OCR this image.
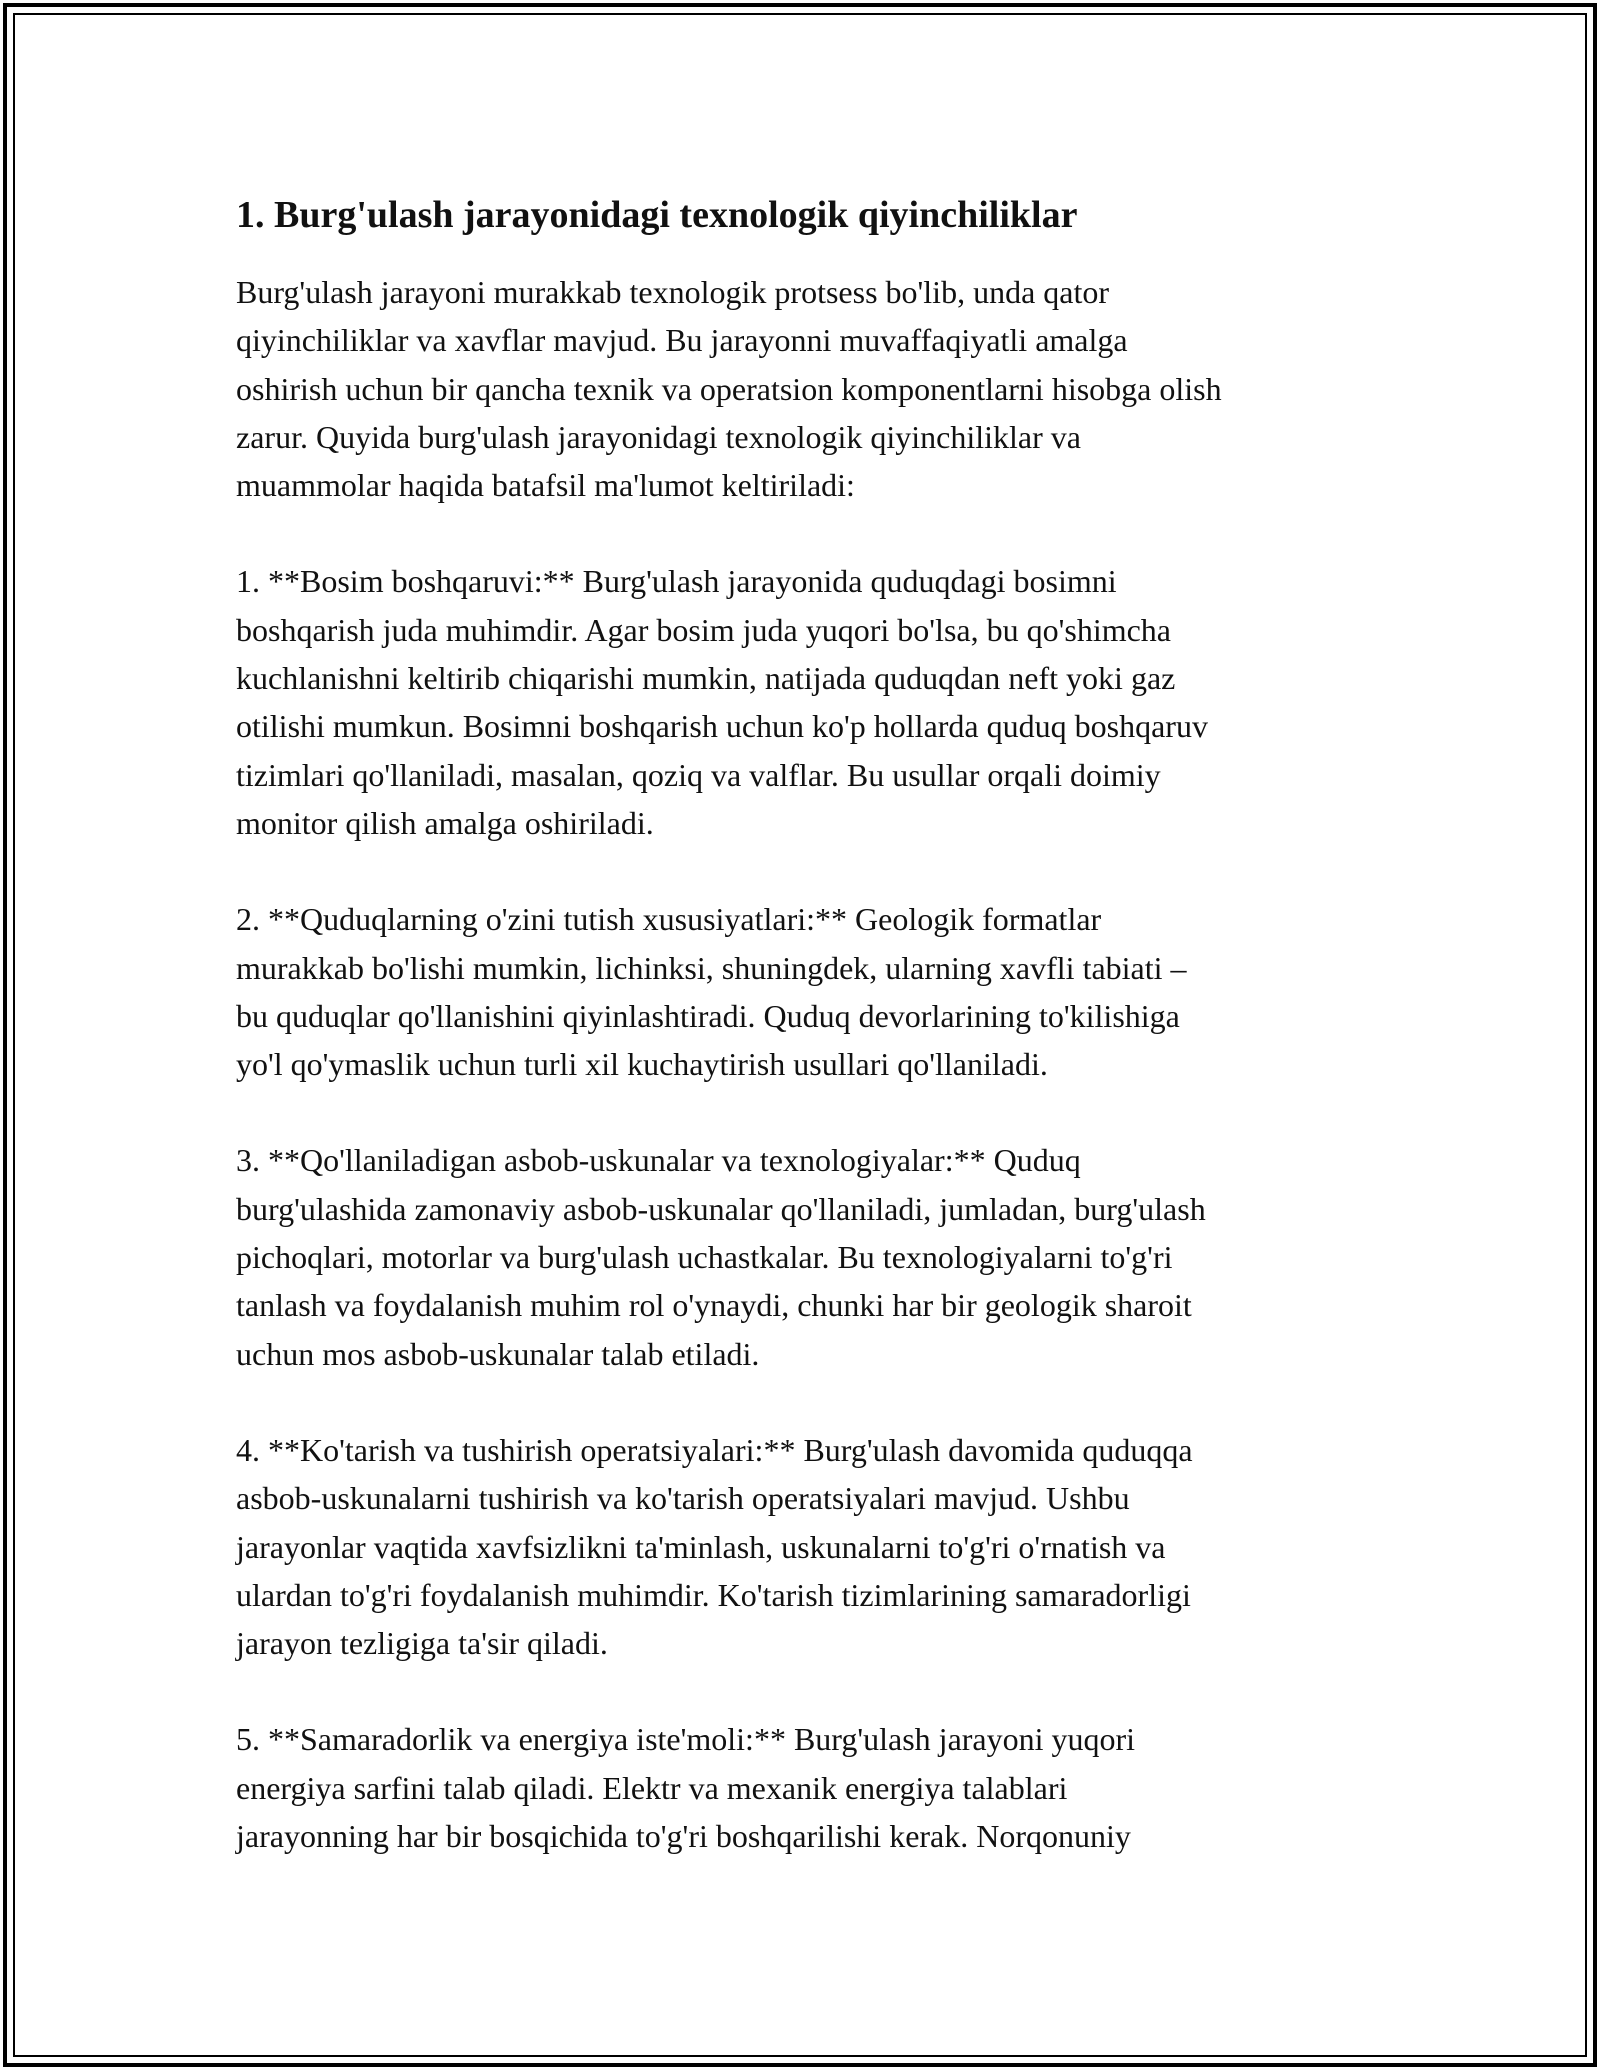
1. Burg'ulash jarayonidagi texnologik qiyinchiliklar

Burg'ulash jarayoni murakkab texnologik protsess bo'lib, unda qator
qiyinchiliklar va xavflar mavjud. Bu jarayonni muvaffaqiyatli amalga
oshirish uchun bir qancha texnik va operatsion komponentlarni hisobga olish
zarur. Quyida burg'ulash jarayonidagi texnologik qiyinchiliklar va
muammolar haqida batafsil ma'lumot keltiriladi:

1. **Bosim boshqaruvi:** Burg'ulash jarayonida quduqdagi bosimni
boshqarish juda muhimdir. Agar bosim juda yuqori bo'lsa, bu qo'shimcha
kuchlanishni keltirib chiqarishi mumkin, natijada quduqdan neft yoki gaz
otilishi mumkun. Bosimni boshqarish uchun ko'p hollarda quduq boshqaruv
tizimlari qo'llaniladi, masalan, qoziq va valflar. Bu usullar orqali doimiy
monitor qilish amalga oshiriladi.

2. **Quduqlarning o'zini tutish xususiyatlari:** Geologik formatlar
murakkab bo'lishi mumkin, lichinksi, shuningdek, ularning xavfli tabiati –
bu quduqlar qo'llanishini qiyinlashtiradi. Quduq devorlarining to'kilishiga
yo'l qo'ymaslik uchun turli xil kuchaytirish usullari qo'llaniladi.

3. **Qo'llaniladigan asbob-uskunalar va texnologiyalar:** Quduq
burg'ulashida zamonaviy asbob-uskunalar qo'llaniladi, jumladan, burg'ulash
pichoqlari, motorlar va burg'ulash uchastkalar. Bu texnologiyalarni to'g'ri
tanlash va foydalanish muhim rol o'ynaydi, chunki har bir geologik sharoit
uchun mos asbob-uskunalar talab etiladi.

4. **Ko'tarish va tushirish operatsiyalari:** Burg'ulash davomida quduqqa
asbob-uskunalarni tushirish va ko'tarish operatsiyalari mavjud. Ushbu
jarayonlar vaqtida xavfsizlikni ta'minlash, uskunalarni to'g'ri o'rnatish va
ulardan to'g'ri foydalanish muhimdir. Ko'tarish tizimlarining samaradorligi
jarayon tezligiga ta'sir qiladi.

5. **Samaradorlik va energiya iste'moli:** Burg'ulash jarayoni yuqori
energiya sarfini talab qiladi. Elektr va mexanik energiya talablari
jarayonning har bir bosqichida to'g'ri boshqarilishi kerak. Norqonuniy
